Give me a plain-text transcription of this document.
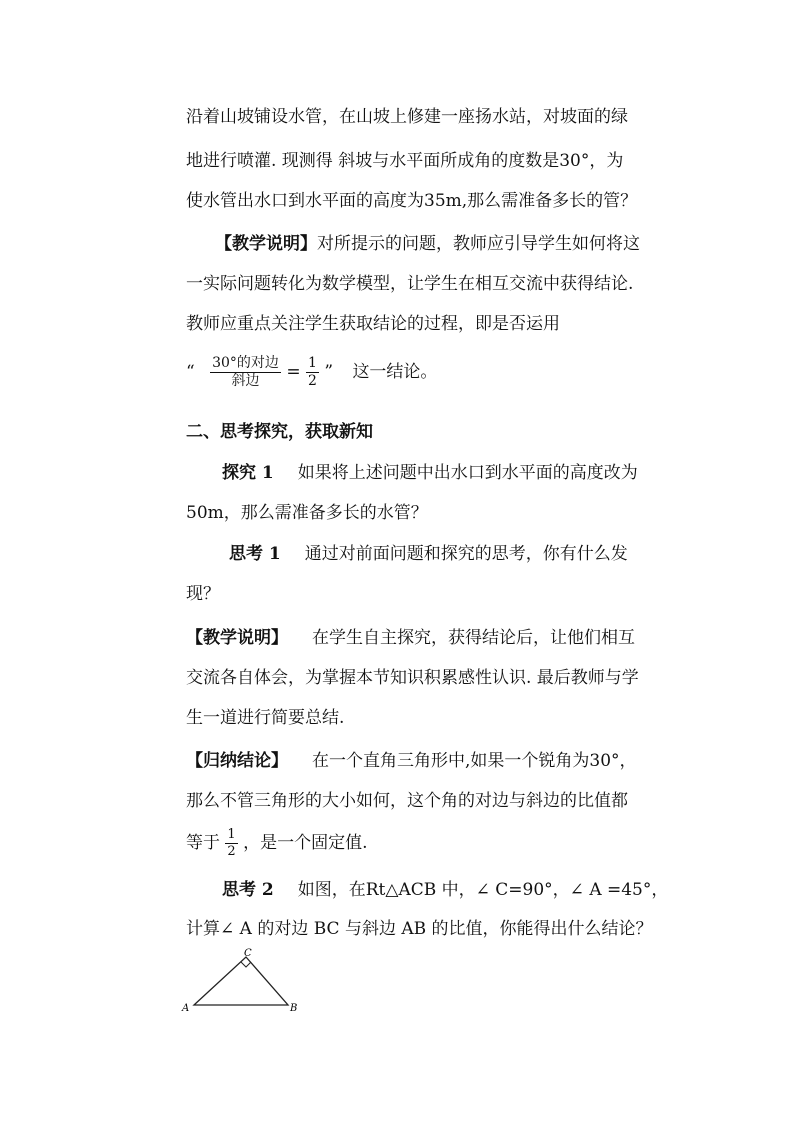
沿着山坡铺设水管，在山坡上修建一座扬水站，对坡面的绿
地进行喷灌. 现测得 斜坡与水平面所成角的度数是30°，为
使水管出水口到水平面的高度为35m,那么需准备多长的管？
【教学说明】对所提示的问题，教师应引导学生如何将这
一实际问题转化为数学模型，让学生在相互交流中获得结论.
教师应重点关注学生获取结论的过程，即是否运用
“ $\frac{\text{30°的对边}}{\text{斜边}} = \frac{1}{2}$ ” 这一结论。
二、思考探究，获取新知
探究 1 如果将上述问题中出水口到水平面的高度改为
50m，那么需准备多长的水管？
思考 1 通过对前面问题和探究的思考，你有什么发
现？
【教学说明】 在学生自主探究，获得结论后，让他们相互
交流各自体会，为掌握本节知识积累感性认识. 最后教师与学
生一道进行简要总结.
【归纳结论】 在一个直角三角形中,如果一个锐角为30°，
那么不管三角形的大小如何，这个角的对边与斜边的比值都
等于 $\frac{1}{2}$ ，是一个固定值.
思考 2 如图，在Rt△ACB 中，∠ C=90°，∠ A =45°，
计算∠ A 的对边 BC 与斜边 AB 的比值，你能得出什么结论？
A	B
C
